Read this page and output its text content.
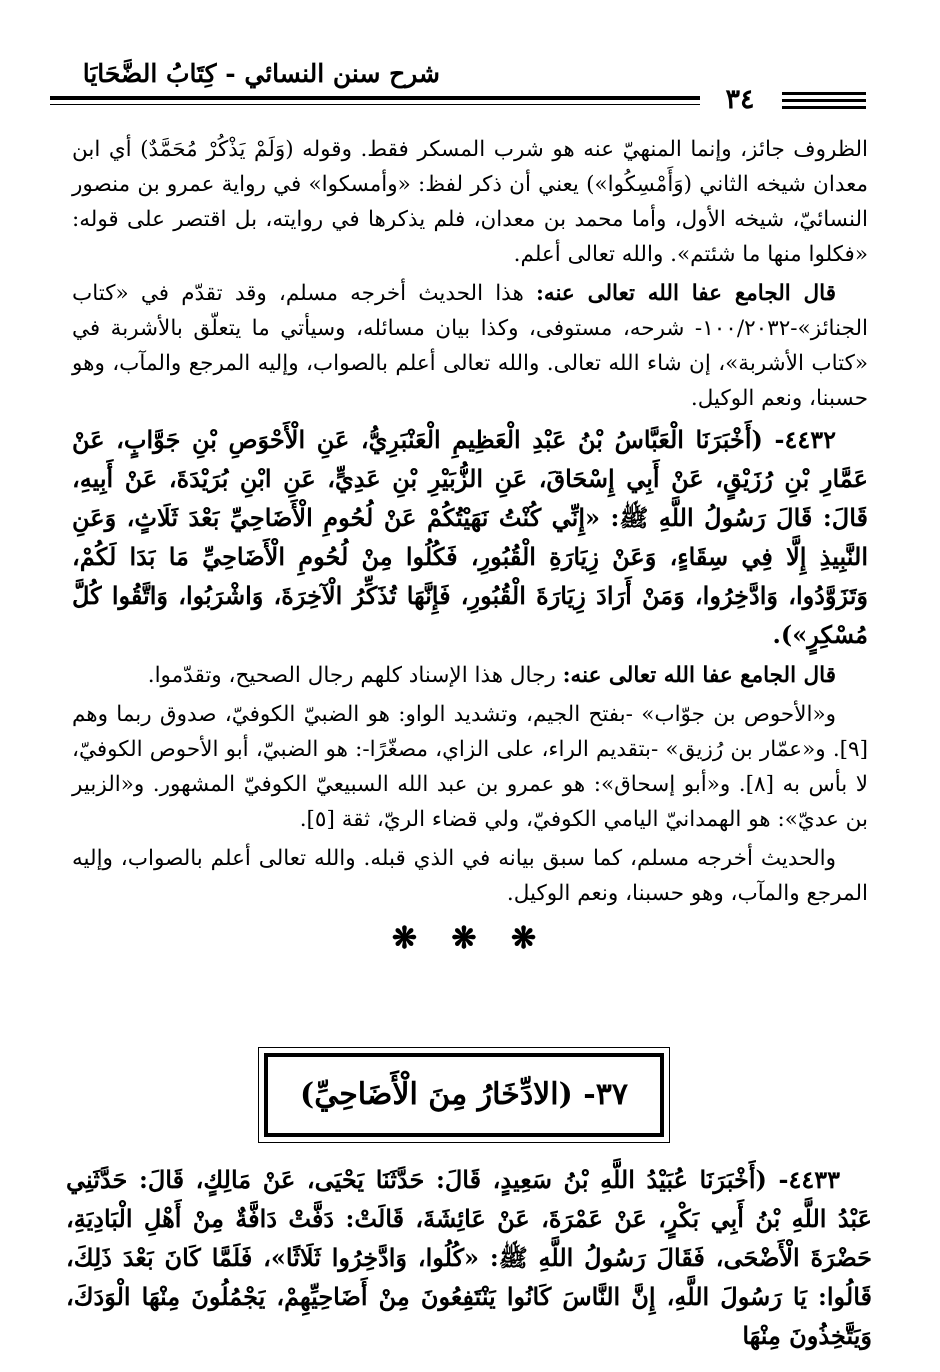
شرح سنن النسائي - كِتَابُ الضَّحَايَا
٣٤

الظروف جائز، وإنما المنهيّ عنه هو شرب المسكر فقط. وقوله (وَلَمْ يَذْكُرْ مُحَمَّدٌ) أي ابن معدان شيخه الثاني (وَأَمْسِكُوا») يعني أن ذكر لفظ: «وأمسكوا» في رواية عمرو بن منصور النسائيّ، شيخه الأول، وأما محمد بن معدان، فلم يذكرها في روايته، بل اقتصر على قوله: «فكلوا منها ما شئتم». والله تعالى أعلم.

قال الجامع عفا الله تعالى عنه: هذا الحديث أخرجه مسلم، وقد تقدّم في «كتاب الجنائز»-١٠٠/٢٠٣٢- شرحه، مستوفى، وكذا بيان مسائله، وسيأتي ما يتعلّق بالأشربة في «كتاب الأشربة»، إن شاء الله تعالى. والله تعالى أعلم بالصواب، وإليه المرجع والمآب، وهو حسبنا، ونعم الوكيل.

٤٤٣٢- (أَخْبَرَنَا الْعَبَّاسُ بْنُ عَبْدِ الْعَظِيمِ الْعَنْبَرِيُّ، عَنِ الْأَحْوَصِ بْنِ جَوَّابٍ، عَنْ عَمَّارِ بْنِ رُزَيْقٍ، عَنْ أَبِي إِسْحَاقَ، عَنِ الزُّبَيْرِ بْنِ عَدِيٍّ، عَنِ ابْنِ بُرَيْدَةَ، عَنْ أَبِيهِ، قَالَ: قَالَ رَسُولُ اللَّهِ ﷺ: «إِنِّي كُنْتُ نَهَيْتُكُمْ عَنْ لُحُومِ الْأَضَاحِيِّ بَعْدَ ثَلَاثٍ، وَعَنِ النَّبِيذِ إِلَّا فِي سِقَاءٍ، وَعَنْ زِيَارَةِ الْقُبُورِ، فَكُلُوا مِنْ لُحُومِ الْأَضَاحِيِّ مَا بَدَا لَكُمْ، وَتَزَوَّدُوا، وَادَّخِرُوا، وَمَنْ أَرَادَ زِيَارَةَ الْقُبُورِ، فَإِنَّهَا تُذَكِّرُ الْآخِرَةَ، وَاشْرَبُوا، وَاتَّقُوا كُلَّ مُسْكِرٍ»).

قال الجامع عفا الله تعالى عنه: رجال هذا الإسناد كلهم رجال الصحيح، وتقدّموا.

و«الأحوص بن جوّاب» -بفتح الجيم، وتشديد الواو: هو الضبيّ الكوفيّ، صدوق ربما وهم [٩]. و«عمّار بن رُزيق» -بتقديم الراء، على الزاي، مصغّرًا-: هو الضبيّ، أبو الأحوص الكوفيّ، لا بأس به [٨]. و«أبو إسحاق»: هو عمرو بن عبد الله السبيعيّ الكوفيّ المشهور. و«الزبير بن عديّ»: هو الهمدانيّ اليامي الكوفيّ، ولي قضاء الريّ، ثقة [٥].

والحديث أخرجه مسلم، كما سبق بيانه في الذي قبله. والله تعالى أعلم بالصواب، وإليه المرجع والمآب، وهو حسبنا، ونعم الوكيل.

❋ ❋ ❋
٣٧- (الادِّخَارُ مِنَ الْأَضَاحِيِّ)

٤٤٣٣- (أَخْبَرَنَا عُبَيْدُ اللَّهِ بْنُ سَعِيدٍ، قَالَ: حَدَّثَنَا يَحْيَى، عَنْ مَالِكٍ، قَالَ: حَدَّثَنِي عَبْدُ اللَّهِ بْنُ أَبِي بَكْرٍ، عَنْ عَمْرَةَ، عَنْ عَائِشَةَ، قَالَتْ: دَفَّتْ دَافَّةٌ مِنْ أَهْلِ الْبَادِيَةِ، حَضْرَةَ الْأَضْحَى، فَقَالَ رَسُولُ اللَّهِ ﷺ: «كُلُوا، وَادَّخِرُوا ثَلَاثًا»، فَلَمَّا كَانَ بَعْدَ ذَلِكَ، قَالُوا: يَا رَسُولَ اللَّهِ، إِنَّ النَّاسَ كَانُوا يَنْتَفِعُونَ مِنْ أَضَاحِيِّهِمْ، يَجْمُلُونَ مِنْهَا الْوَدَكَ، وَيَتَّخِذُونَ مِنْهَا
